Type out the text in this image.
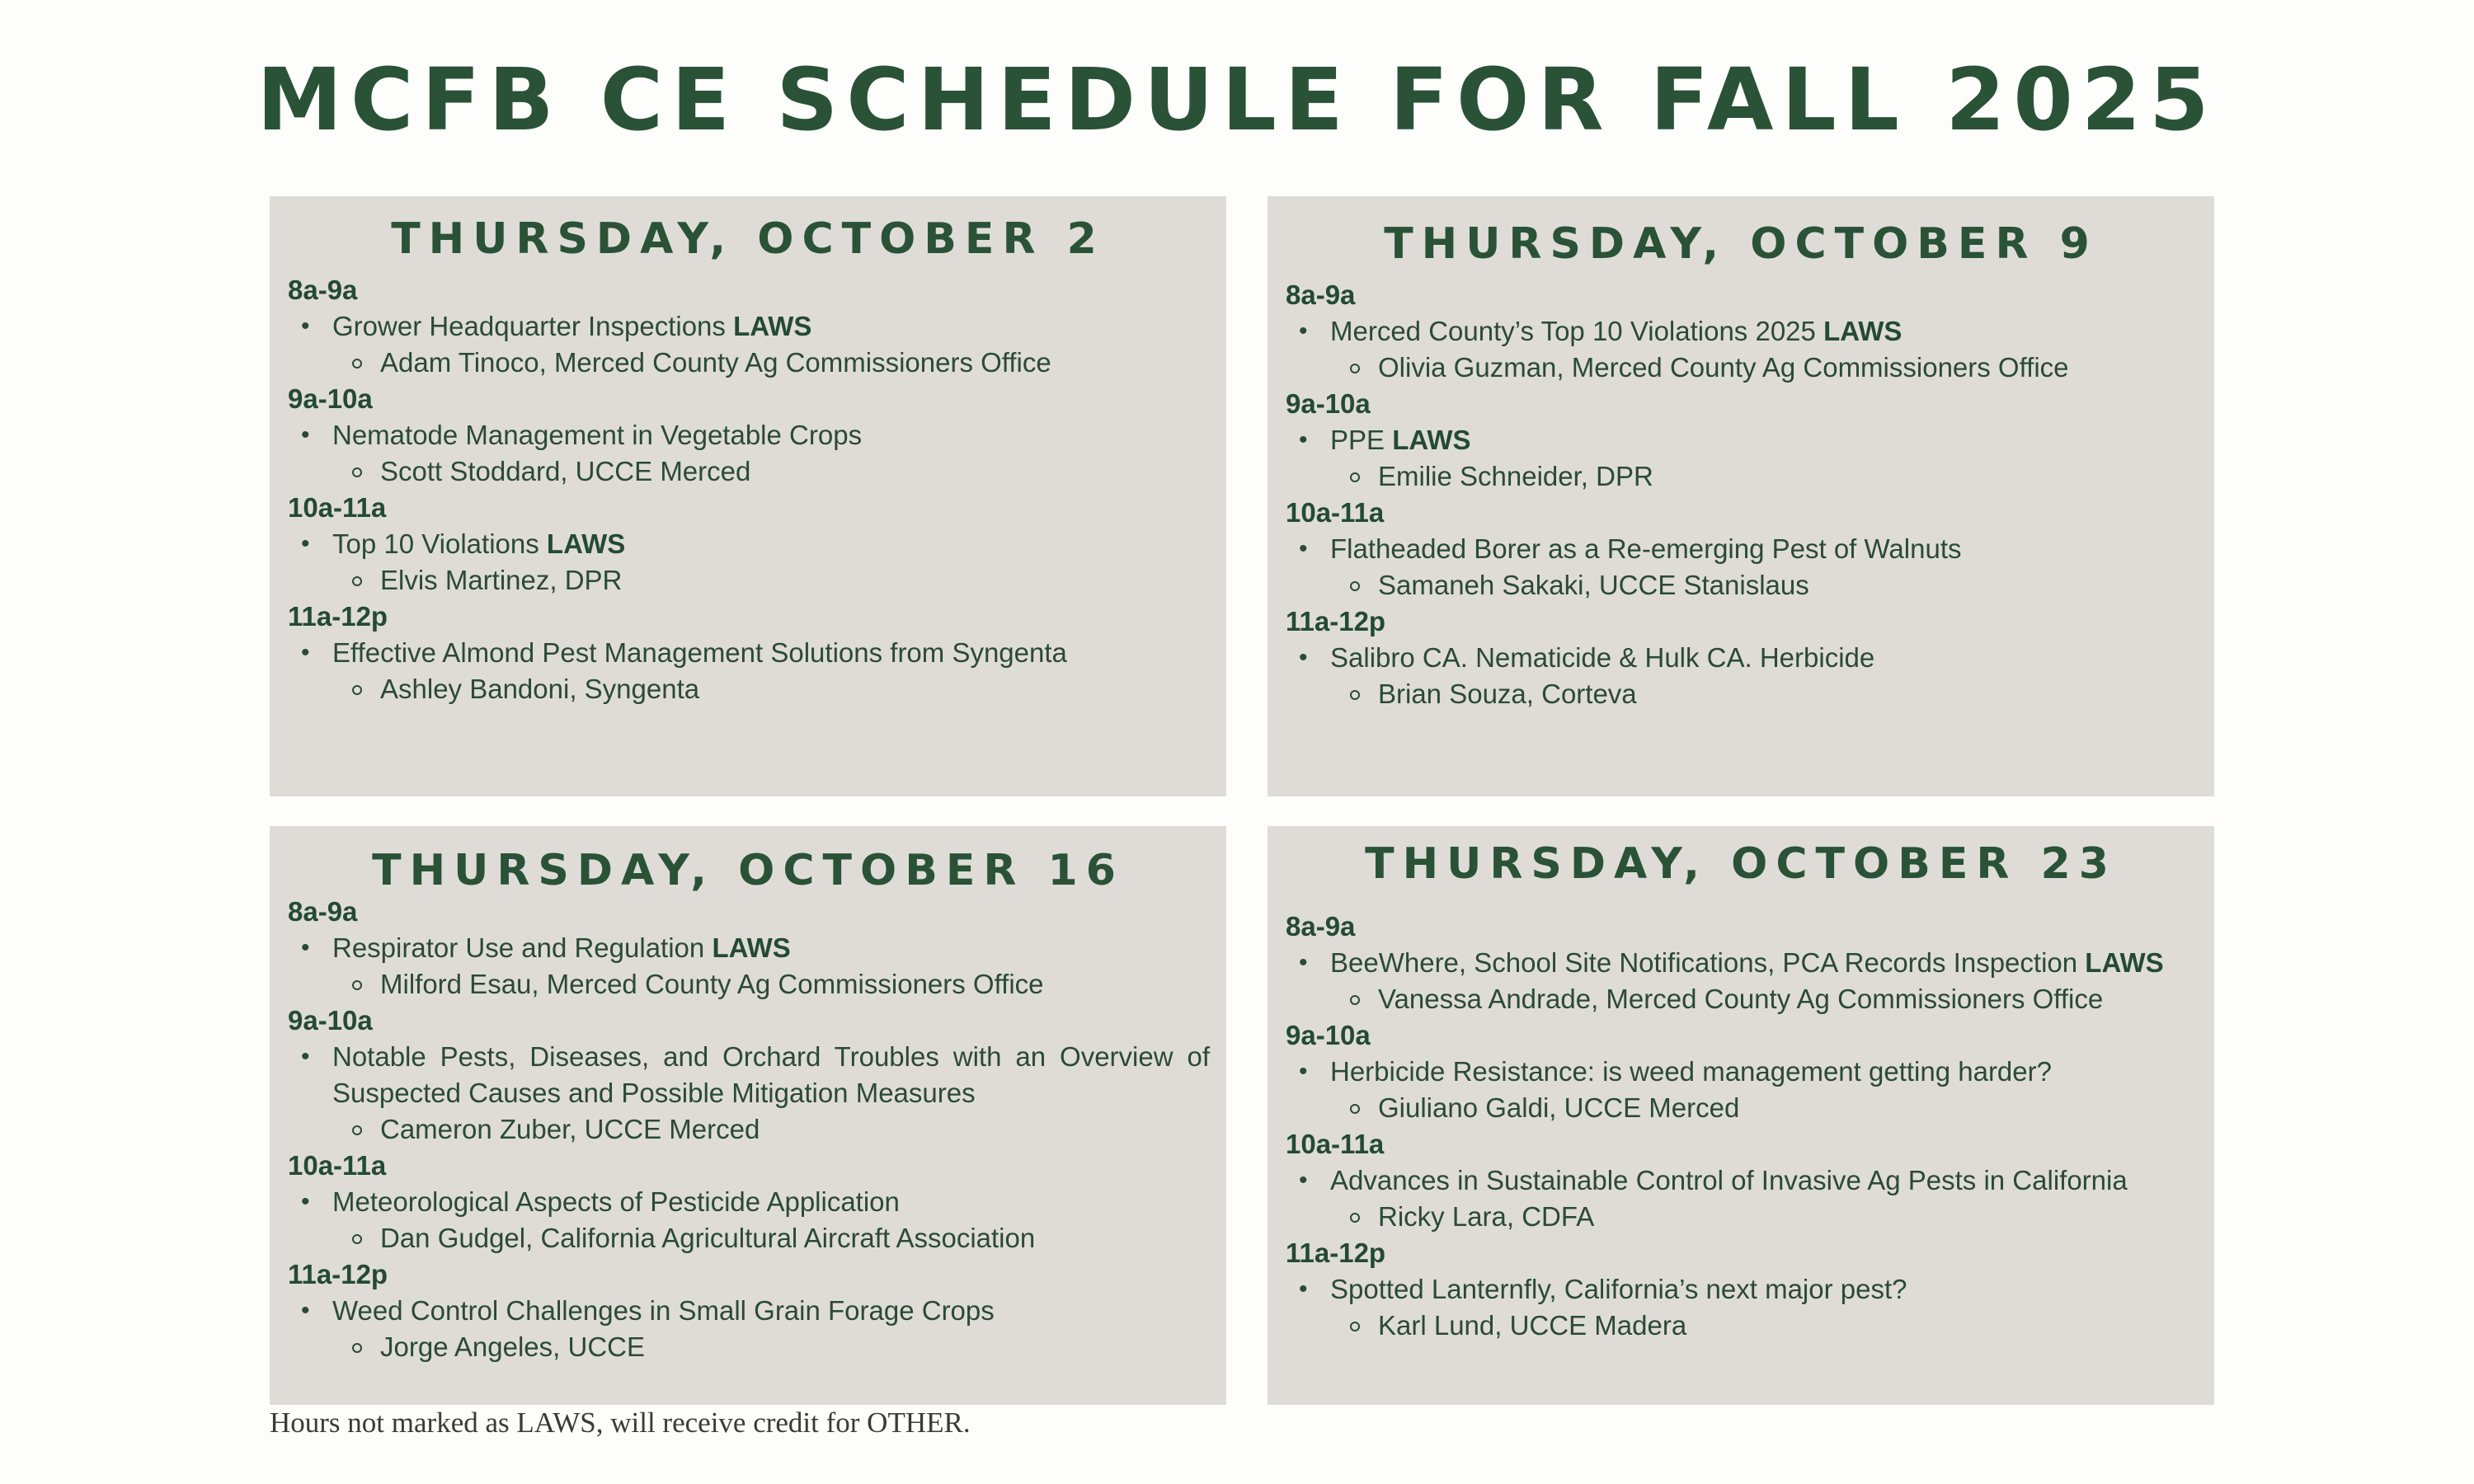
MCFB CE SCHEDULE FOR FALL 2025
THURSDAY, OCTOBER 2
8a-9a
• Grower Headquarter Inspections LAWS
Adam Tinoco, Merced County Ag Commissioners Office
9a-10a
• Nematode Management in Vegetable Crops
Scott Stoddard, UCCE Merced
10a-11a
• Top 10 Violations LAWS
Elvis Martinez, DPR
11a-12p
• Effective Almond Pest Management Solutions from Syngenta
Ashley Bandoni, Syngenta
THURSDAY, OCTOBER 9
8a-9a
• Merced County’s Top 10 Violations 2025 LAWS
Olivia Guzman, Merced County Ag Commissioners Office
9a-10a
• PPE LAWS
Emilie Schneider, DPR
10a-11a
• Flatheaded Borer as a Re-emerging Pest of Walnuts
Samaneh Sakaki, UCCE Stanislaus
11a-12p
• Salibro CA. Nematicide & Hulk CA. Herbicide
Brian Souza, Corteva
THURSDAY, OCTOBER 16
8a-9a
• Respirator Use and Regulation LAWS
Milford Esau, Merced County Ag Commissioners Office
9a-10a
• Notable Pests, Diseases, and Orchard Troubles with an Overview of Suspected Causes and Possible Mitigation Measures
Cameron Zuber, UCCE Merced
10a-11a
• Meteorological Aspects of Pesticide Application
Dan Gudgel, California Agricultural Aircraft Association
11a-12p
• Weed Control Challenges in Small Grain Forage Crops
Jorge Angeles, UCCE
THURSDAY, OCTOBER 23
8a-9a
• BeeWhere, School Site Notifications, PCA Records Inspection LAWS
Vanessa Andrade, Merced County Ag Commissioners Office
9a-10a
• Herbicide Resistance: is weed management getting harder?
Giuliano Galdi, UCCE Merced
10a-11a
• Advances in Sustainable Control of Invasive Ag Pests in California
Ricky Lara, CDFA
11a-12p
• Spotted Lanternfly, California’s next major pest?
Karl Lund, UCCE Madera

Hours not marked as LAWS, will receive credit for OTHER.
